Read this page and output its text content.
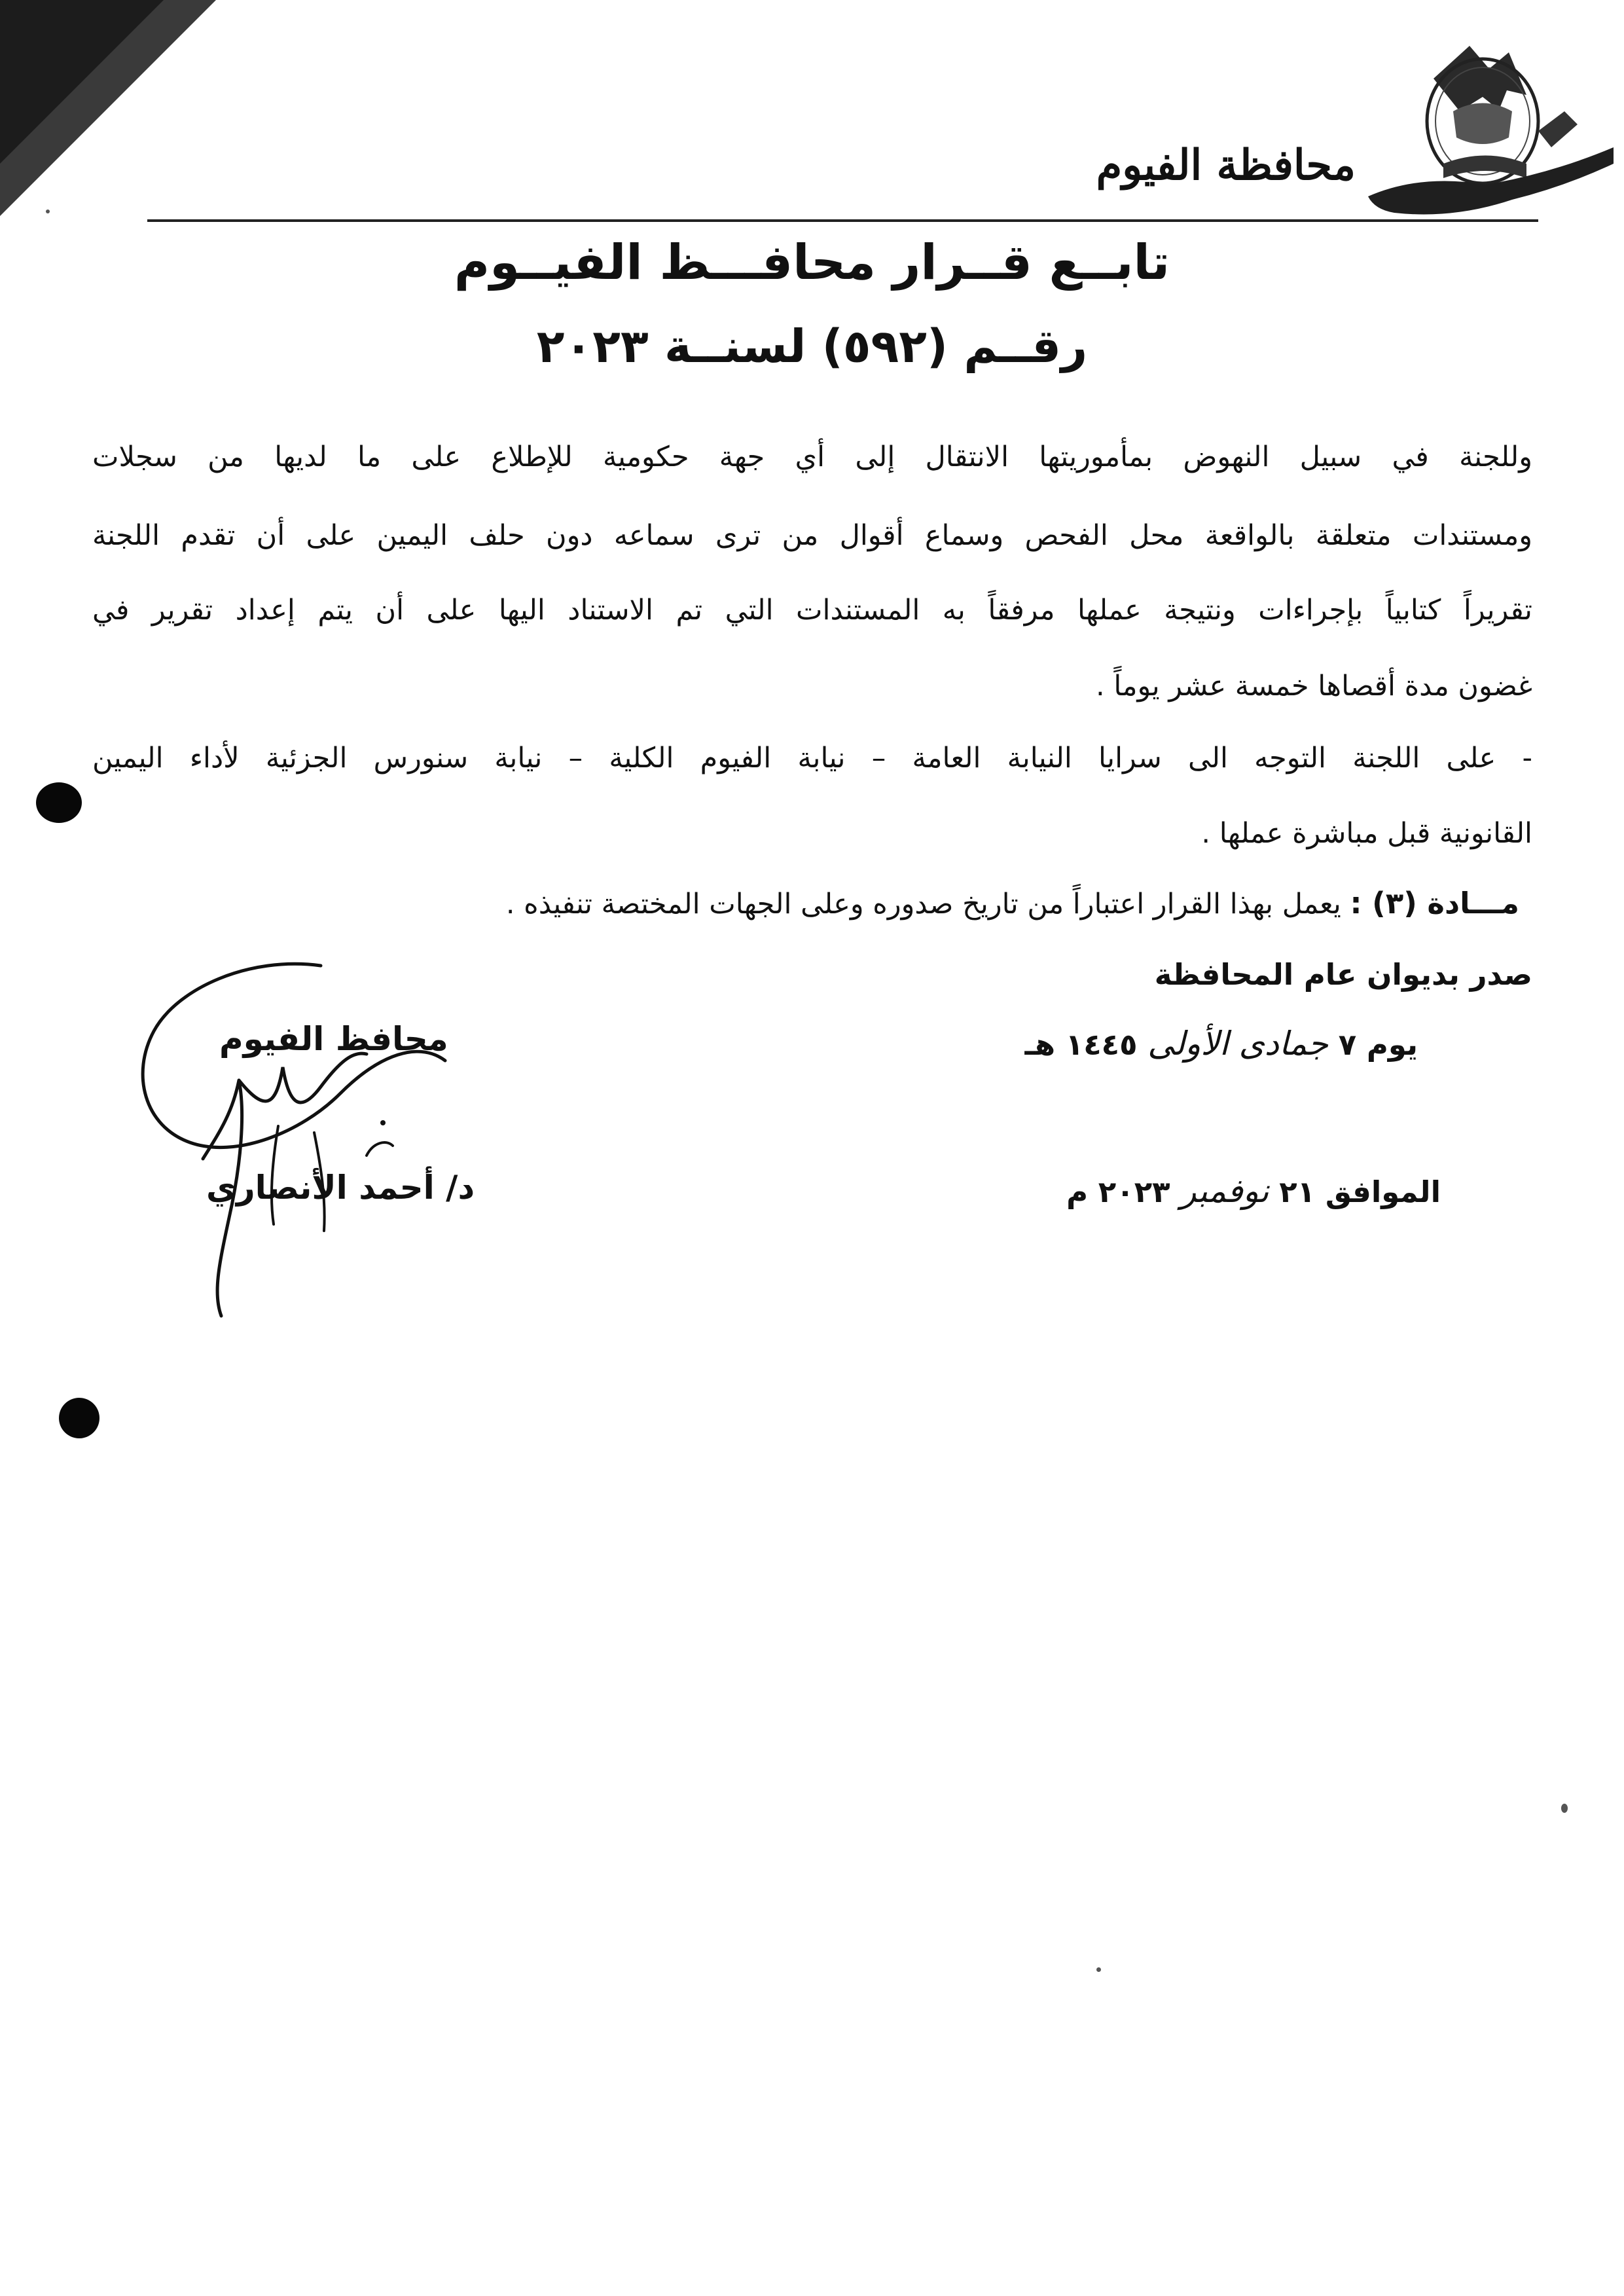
محافظة الفيوم
تابــع قــرار محافـــظ الفيــوم
رقــم (٥٩٢) لسنــة ٢٠٢٣
وللجنة في سبيل النهوض بمأموريتها الانتقال إلى أي جهة حكومية للإطلاع على ما لديها من سجلات
ومستندات متعلقة بالواقعة محل الفحص وسماع أقوال من ترى سماعه دون حلف اليمين على أن تقدم اللجنة
تقريراً كتابياً بإجراءات ونتيجة عملها مرفقاً به المستندات التي تم الاستناد اليها على أن يتم إعداد تقرير في
غضون مدة أقصاها خمسة عشر يوماً .
- على اللجنة التوجه الى سرايا النيابة العامة – نيابة الفيوم الكلية – نيابة سنورس الجزئية لأداء اليمين
القانونية قبل مباشرة عملها .
مـــادة (٣) : يعمل بهذا القرار اعتباراً من تاريخ صدوره وعلى الجهات المختصة تنفيذه .
صدر بديوان عام المحافظة
يوم ٧ جمادى الأولى ١٤٤٥ هـ
الموافق ٢١ نوفمبر ٢٠٢٣ م
محافظ الفيوم
د/ أحمد الأنصاري
